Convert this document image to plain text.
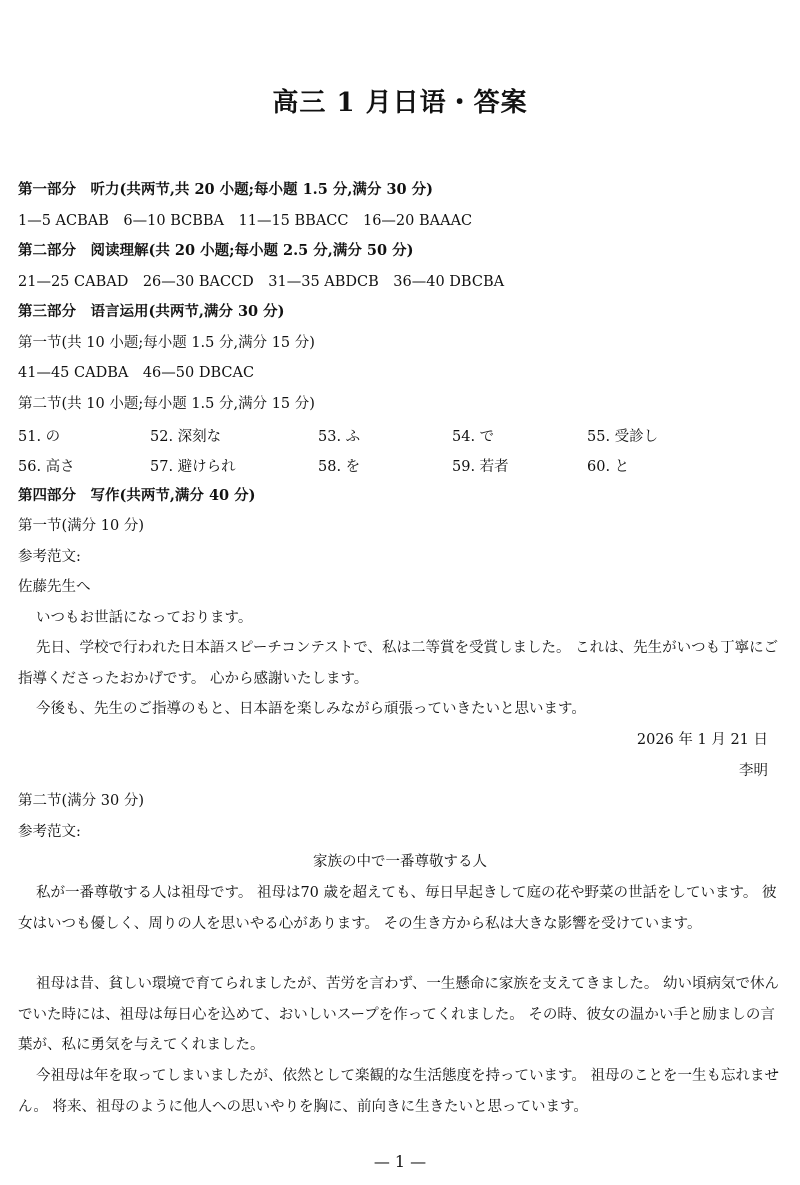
高三 1 月日语・答案
第一部分　听力(共两节,共 20 小题;每小题 1.5 分,满分 30 分)
1—5 ACBAB　6—10 BCBBA　11—15 BBACC　16—20 BAAAC
第二部分　阅读理解(共 20 小题;每小题 2.5 分,满分 50 分)
21—25 CABAD　26—30 BACCD　31—35 ABDCB　36—40 DBCBA
第三部分　语言运用(共两节,满分 30 分)
第一节(共 10 小题;每小题 1.5 分,满分 15 分)
41—45 CADBA　46—50 DBCAC
第二节(共 10 小题;每小题 1.5 分,满分 15 分)
51. の	52. 深刻な	53. ふ	54. で	55. 受診し
56. 高さ	57. 避けられ	58. を	59. 若者	60. と
第四部分　写作(共两节,满分 40 分)
第一节(满分 10 分)
参考范文:
佐藤先生へ
いつもお世話になっております。
先日、学校で行われた日本語スピーチコンテストで、私は二等賞を受賞しました。 これは、先生がいつも丁寧にご指導くださったおかげです。 心から感謝いたします。
今後も、先生のご指導のもと、日本語を楽しみながら頑張っていきたいと思います。
2026 年 1 月 21 日
李明
第二节(满分 30 分)
参考范文:
家族の中で一番尊敬する人
私が一番尊敬する人は祖母です。 祖母は70 歳を超えても、毎日早起きして庭の花や野菜の世話をしています。 彼女はいつも優しく、周りの人を思いやる心があります。 その生き方から私は大きな影響を受けています。
祖母は昔、貧しい環境で育てられましたが、苦労を言わず、一生懸命に家族を支えてきました。 幼い頃病気で休んでいた時には、祖母は毎日心を込めて、おいしいスープを作ってくれました。 その時、彼女の温かい手と励ましの言葉が、私に勇気を与えてくれました。
今祖母は年を取ってしまいましたが、依然として楽観的な生活態度を持っています。 祖母のことを一生も忘れません。 将来、祖母のように他人への思いやりを胸に、前向きに生きたいと思っています。
— 1 —
